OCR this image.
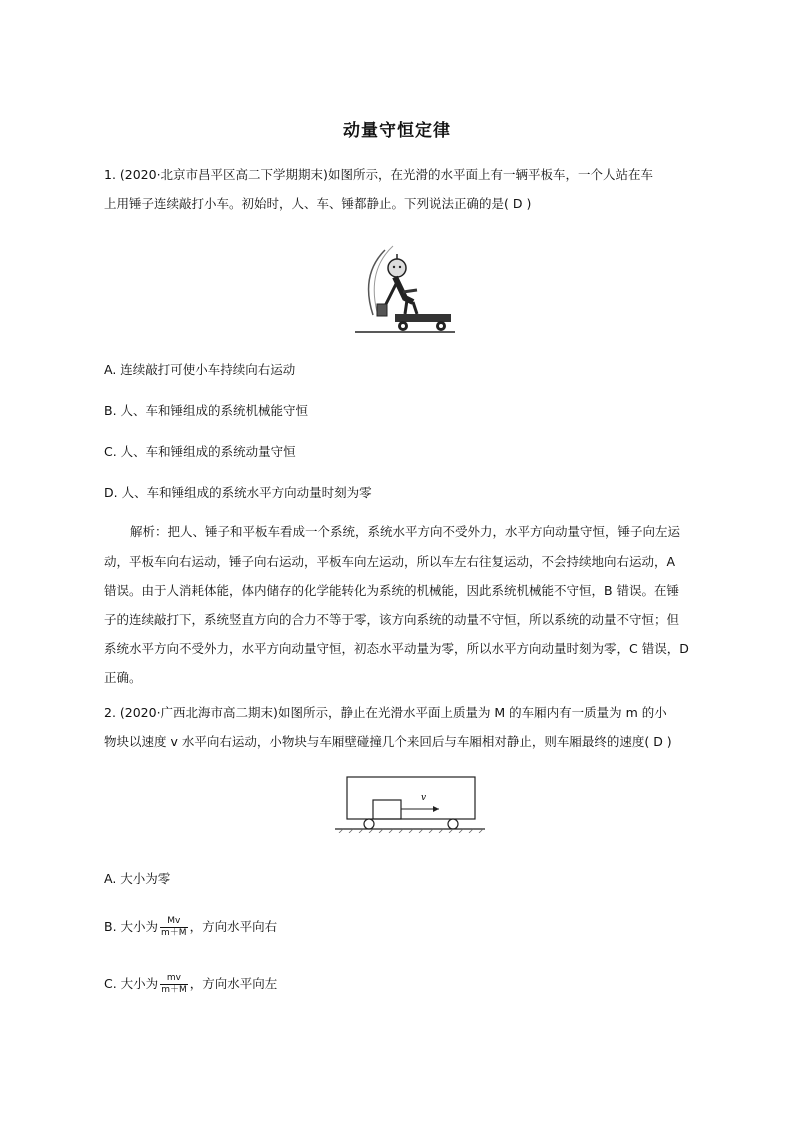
动量守恒定律
1. (2020·北京市昌平区高二下学期期末)如图所示，在光滑的水平面上有一辆平板车，一个人站在车
上用锤子连续敲打小车。初始时，人、车、锤都静止。下列说法正确的是( D )
A. 连续敲打可使小车持续向右运动
B. 人、车和锤组成的系统机械能守恒
C. 人、车和锤组成的系统动量守恒
D. 人、车和锤组成的系统水平方向动量时刻为零
解析：把人、锤子和平板车看成一个系统，系统水平方向不受外力，水平方向动量守恒，锤子向左运
动，平板车向右运动，锤子向右运动，平板车向左运动，所以车左右往复运动，不会持续地向右运动，A
错误。由于人消耗体能，体内储存的化学能转化为系统的机械能，因此系统机械能不守恒，B 错误。在锤
子的连续敲打下，系统竖直方向的合力不等于零，该方向系统的动量不守恒，所以系统的动量不守恒；但
系统水平方向不受外力，水平方向动量守恒，初态水平动量为零，所以水平方向动量时刻为零，C 错误，D
正确。
2. (2020·广西北海市高二期末)如图所示，静止在光滑水平面上质量为 M 的车厢内有一质量为 m 的小
物块以速度 v 水平向右运动，小物块与车厢壁碰撞几个来回后与车厢相对静止，则车厢最终的速度( D )
v
A. 大小为零
B. 大小为 $\frac{Mv}{m+M}$ ，方向水平向右
C. 大小为 $\frac{mv}{m+M}$ ，方向水平向左
